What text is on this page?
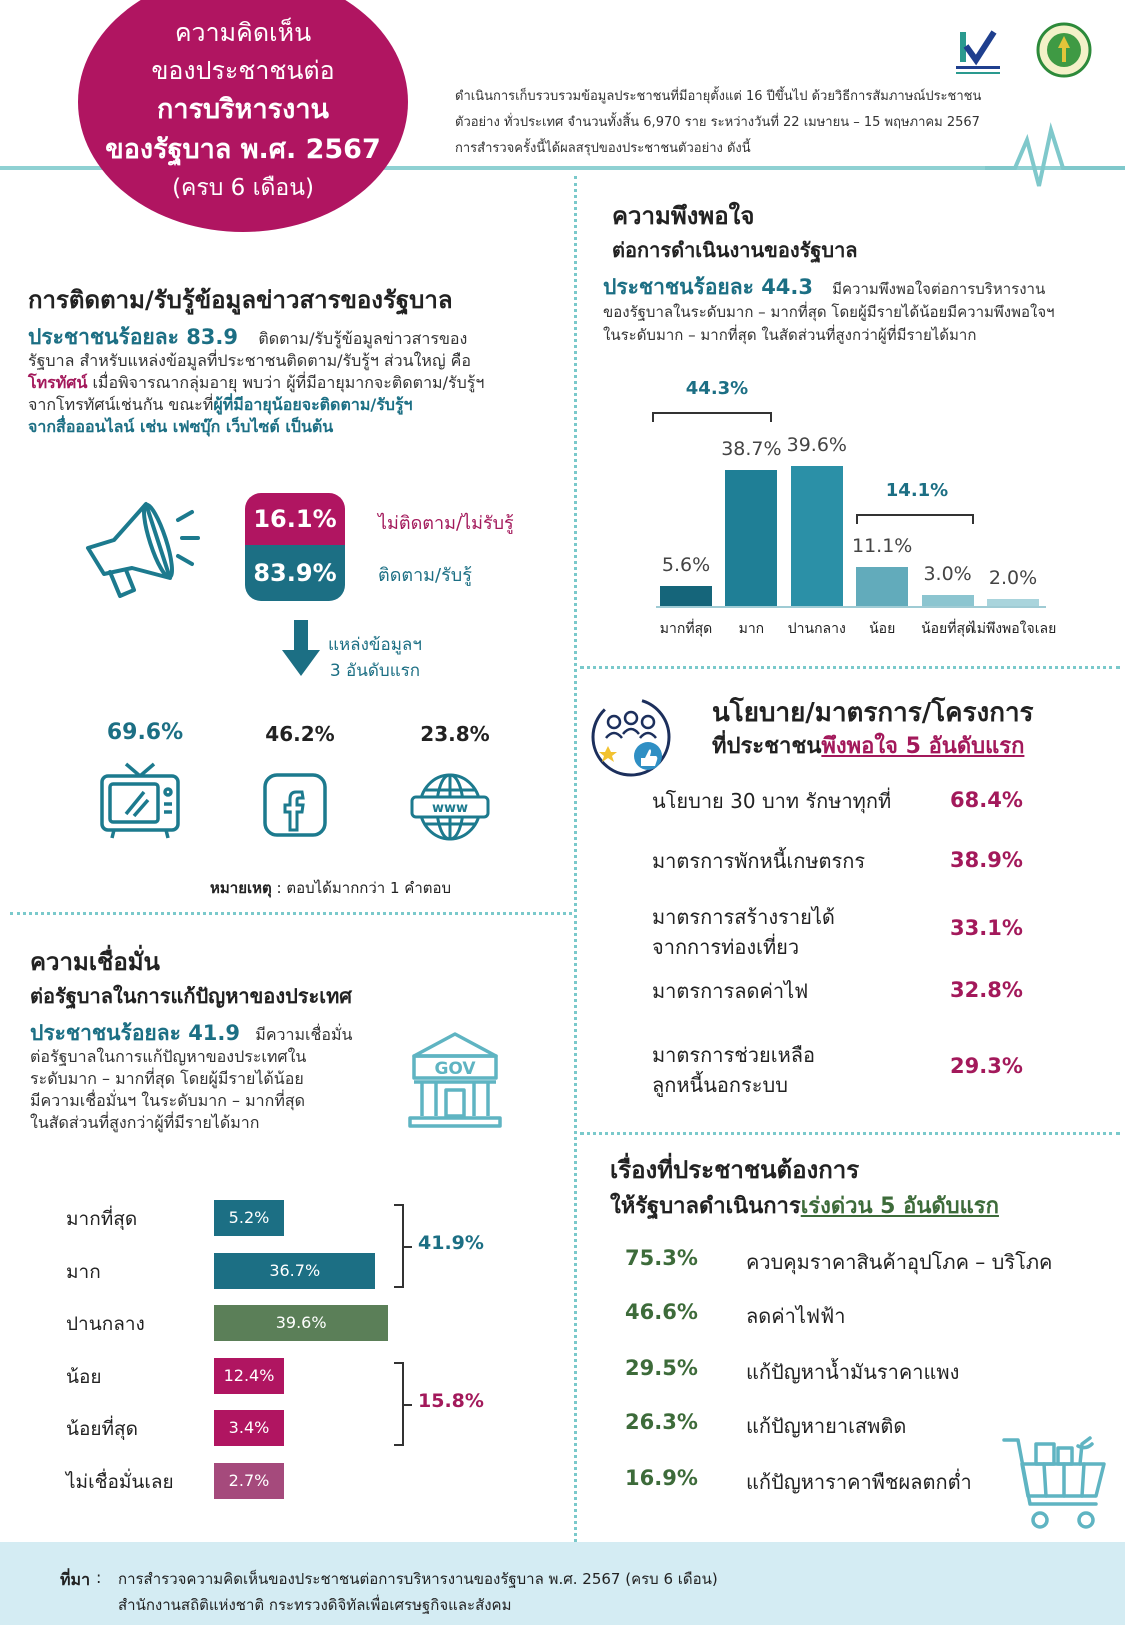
ความคิดเห็น
ของประชาชนต่อ
การบริหารงาน
ของรัฐบาล พ.ศ. 2567
(ครบ 6 เดือน)
ดำเนินการเก็บรวบรวมข้อมูลประชาชนที่มีอายุตั้งแต่ 16 ปีขึ้นไป ด้วยวิธีการสัมภาษณ์ประชาชน
ตัวอย่าง ทั่วประเทศ จำนวนทั้งสิ้น 6,970 ราย ระหว่างวันที่ 22 เมษายน – 15 พฤษภาคม 2567
การสำรวจครั้งนี้ได้ผลสรุปของประชาชนตัวอย่าง ดังนี้
การติดตาม/รับรู้ข้อมูลข่าวสารของรัฐบาล
ประชาชนร้อยละ 83.9 ติดตาม/รับรู้ข้อมูลข่าวสารของ
รัฐบาล สำหรับแหล่งข้อมูลที่ประชาชนติดตาม/รับรู้ฯ ส่วนใหญ่ คือ
โทรทัศน์ เมื่อพิจารณากลุ่มอายุ พบว่า ผู้ที่มีอายุมากจะติดตาม/รับรู้ฯ
จากโทรทัศน์เช่นกัน ขณะที่ผู้ที่มีอายุน้อยจะติดตาม/รับรู้ฯ
จากสื่อออนไลน์ เช่น เฟซบุ๊ก เว็บไซต์ เป็นต้น
16.1%
83.9%
ไม่ติดตาม/ไม่รับรู้
ติดตาม/รับรู้
แหล่งข้อมูลฯ
3 อันดับแรก
69.6%	46.2%	23.8%
www
หมายเหตุ : ตอบได้มากกว่า 1 คำตอบ
ความเชื่อมั่น
ต่อรัฐบาลในการแก้ปัญหาของประเทศ
ประชาชนร้อยละ 41.9 มีความเชื่อมั่น
ต่อรัฐบาลในการแก้ปัญหาของประเทศใน
ระดับมาก – มากที่สุด โดยผู้มีรายได้น้อย
มีความเชื่อมั่นฯ ในระดับมาก – มากที่สุด
ในสัดส่วนที่สูงกว่าผู้ที่มีรายได้มาก
GOV
มากที่สุด	5.2%
มาก	36.7%
ปานกลาง	39.6%
น้อย	12.4%
น้อยที่สุด	3.4%
ไม่เชื่อมั่นเลย	2.7%
41.9%
15.8%
ความพึงพอใจ
ต่อการดำเนินงานของรัฐบาล
ประชาชนร้อยละ 44.3 มีความพึงพอใจต่อการบริหารงาน
ของรัฐบาลในระดับมาก – มากที่สุด โดยผู้มีรายได้น้อยมีความพึงพอใจฯ
ในระดับมาก – มากที่สุด ในสัดส่วนที่สูงกว่าผู้ที่มีรายได้มาก
5.6%
มากที่สุด
38.7%
มาก
39.6%
ปานกลาง
11.1%
น้อย
3.0%
น้อยที่สุด
2.0%
ไม่พึงพอใจเลย
44.3%
14.1%
นโยบาย/มาตรการ/โครงการ
ที่ประชาชนพึงพอใจ 5 อันดับแรก
นโยบาย 30 บาท รักษาทุกที่	68.4%
มาตรการพักหนี้เกษตรกร	38.9%
มาตรการสร้างรายได้
จากการท่องเที่ยว
33.1%
มาตรการลดค่าไฟ	32.8%
มาตรการช่วยเหลือ
ลูกหนี้นอกระบบ
29.3%
เรื่องที่ประชาชนต้องการ
ให้รัฐบาลดำเนินการเร่งด่วน 5 อันดับแรก
75.3% ควบคุมราคาสินค้าอุปโภค – บริโภค
46.6% ลดค่าไฟฟ้า
29.5% แก้ปัญหาน้ำมันราคาแพง
26.3% แก้ปัญหายาเสพติด
16.9% แก้ปัญหาราคาพืชผลตกต่ำ
ที่มา : การสำรวจความคิดเห็นของประชาชนต่อการบริหารงานของรัฐบาล พ.ศ. 2567 (ครบ 6 เดือน)
สำนักงานสถิติแห่งชาติ กระทรวงดิจิทัลเพื่อเศรษฐกิจและสังคม
